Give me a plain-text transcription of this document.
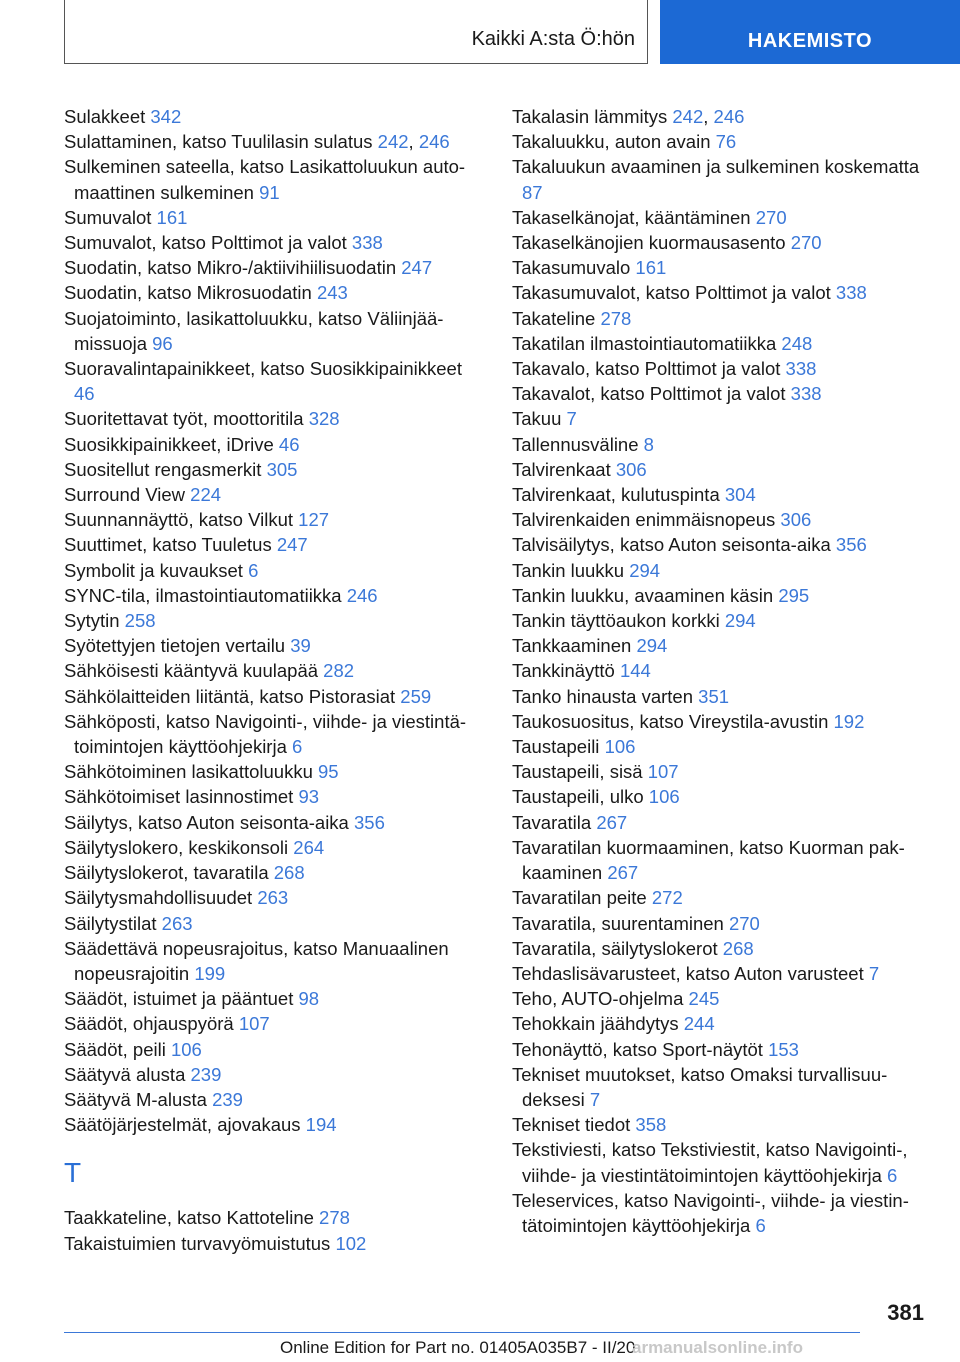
Kaikki A:sta Ö:hön	HAKEMISTO

Sulakkeet 342

Sulattaminen, katso Tuulilasin sulatus 242, 246

Sulkeminen sateella, katso Lasikattoluukun automaattinen sulkeminen 91

Sumuvalot 161

Sumuvalot, katso Polttimot ja valot 338

Suodatin, katso Mikro-/aktiivihiilisuodatin 247

Suodatin, katso Mikrosuodatin 243

Suojatoiminto, lasikattoluukku, katso Väliinjäämissuoja 96

Suoravalintapainikkeet, katso Suosikkipainikkeet 46

Suoritettavat työt, moottoritila 328

Suosikkipainikkeet, iDrive 46

Suositellut rengasmerkit 305

Surround View 224

Suunnannäyttö, katso Vilkut 127

Suuttimet, katso Tuuletus 247

Symbolit ja kuvaukset 6

SYNC-tila, ilmastointiautomatiikka 246

Sytytin 258

Syötettyjen tietojen vertailu 39

Sähköisesti kääntyvä kuulapää 282

Sähkölaitteiden liitäntä, katso Pistorasiat 259

Sähköposti, katso Navigointi-, viihde- ja viestintätoimintojen käyttöohjekirja 6

Sähkötoiminen lasikattoluukku 95

Sähkötoimiset lasinnostimet 93

Säilytys, katso Auton seisonta-aika 356

Säilytyslokero, keskikonsoli 264

Säilytyslokerot, tavaratila 268

Säilytysmahdollisuudet 263

Säilytystilat 263

Säädettävä nopeusrajoitus, katso Manuaalinen nopeusrajoitin 199

Säädöt, istuimet ja pääntuet 98

Säädöt, ohjauspyörä 107

Säädöt, peili 106

Säätyvä alusta 239

Säätyvä M-alusta 239

Säätöjärjestelmät, ajovakaus 194

T

Taakkateline, katso Kattoteline 278

Takaistuimien turvavyömuistutus 102

Takalasin lämmitys 242, 246

Takaluukku, auton avain 76

Takaluukun avaaminen ja sulkeminen koskematta 87

Takaselkänojat, kääntäminen 270

Takaselkänojien kuormausasento 270

Takasumuvalo 161

Takasumuvalot, katso Polttimot ja valot 338

Takateline 278

Takatilan ilmastointiautomatiikka 248

Takavalo, katso Polttimot ja valot 338

Takavalot, katso Polttimot ja valot 338

Takuu 7

Tallennusväline 8

Talvirenkaat 306

Talvirenkaat, kulutuspinta 304

Talvirenkaiden enimmäisnopeus 306

Talvisäilytys, katso Auton seisonta-aika 356

Tankin luukku 294

Tankin luukku, avaaminen käsin 295

Tankin täyttöaukon korkki 294

Tankkaaminen 294

Tankkinäyttö 144

Tanko hinausta varten 351

Taukosuositus, katso Vireystila-avustin 192

Taustapeili 106

Taustapeili, sisä 107

Taustapeili, ulko 106

Tavaratila 267

Tavaratilan kuormaaminen, katso Kuorman pakkaaminen 267

Tavaratilan peite 272

Tavaratila, suurentaminen 270

Tavaratila, säilytyslokerot 268

Tehdaslisävarusteet, katso Auton varusteet 7

Teho, AUTO-ohjelma 245

Tehokkain jäähdytys 244

Tehonäyttö, katso Sport-näytöt 153

Tekniset muutokset, katso Omaksi turvallisuudeksesi 7

Tekniset tiedot 358

Tekstiviesti, katso Tekstiviestit, katso Navigointi-, viihde- ja viestintätoimintojen käyttöohjekirja 6

Teleservices, katso Navigointi-, viihde- ja viestintätoimintojen käyttöohjekirja 6

381
Online Edition for Part no. 01405A035B7 - II/20
armanualsonline.info
